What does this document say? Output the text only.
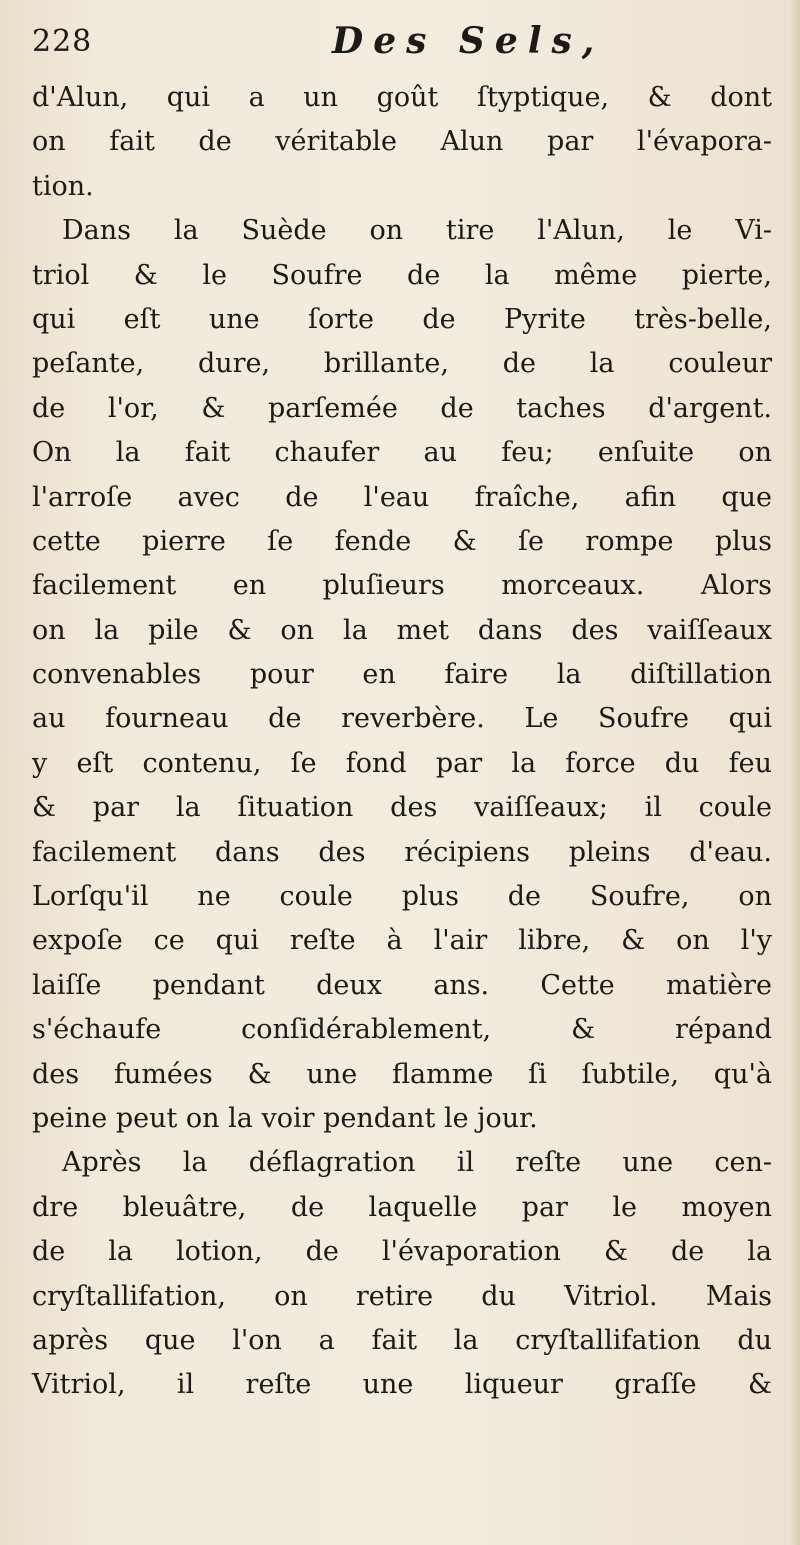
228	Des Sels,
d'Alun, qui a un goût ſtyptique, & dont
on fait de véritable Alun par l'évapora-
tion.
Dans la Suède on tire l'Alun, le Vi-
triol & le Soufre de la même pierte,
qui eſt une ſorte de Pyrite très-belle,
peſante, dure, brillante, de la couleur
de l'or, & parſemée de taches d'argent.
On la fait chaufer au feu; enſuite on
l'arroſe avec de l'eau fraîche, afin que
cette pierre ſe fende & ſe rompe plus
facilement en pluſieurs morceaux. Alors
on la pile & on la met dans des vaiſſeaux
convenables pour en faire la diſtillation
au fourneau de reverbère. Le Soufre qui
y eſt contenu, ſe fond par la force du feu
& par la ſituation des vaiſſeaux; il coule
facilement dans des récipiens pleins d'eau.
Lorſqu'il ne coule plus de Soufre, on
expoſe ce qui reſte à l'air libre, & on l'y
laiſſe pendant deux ans. Cette matière
s'échaufe conſidérablement, & répand
des fumées & une flamme ſi ſubtile, qu'à
peine peut on la voir pendant le jour.
Après la déflagration il reſte une cen-
dre bleuâtre, de laquelle par le moyen
de la lotion, de l'évaporation & de la
cryſtallifation, on retire du Vitriol. Mais
après que l'on a fait la cryſtallifation du
Vitriol, il reſte une liqueur graſſe &
